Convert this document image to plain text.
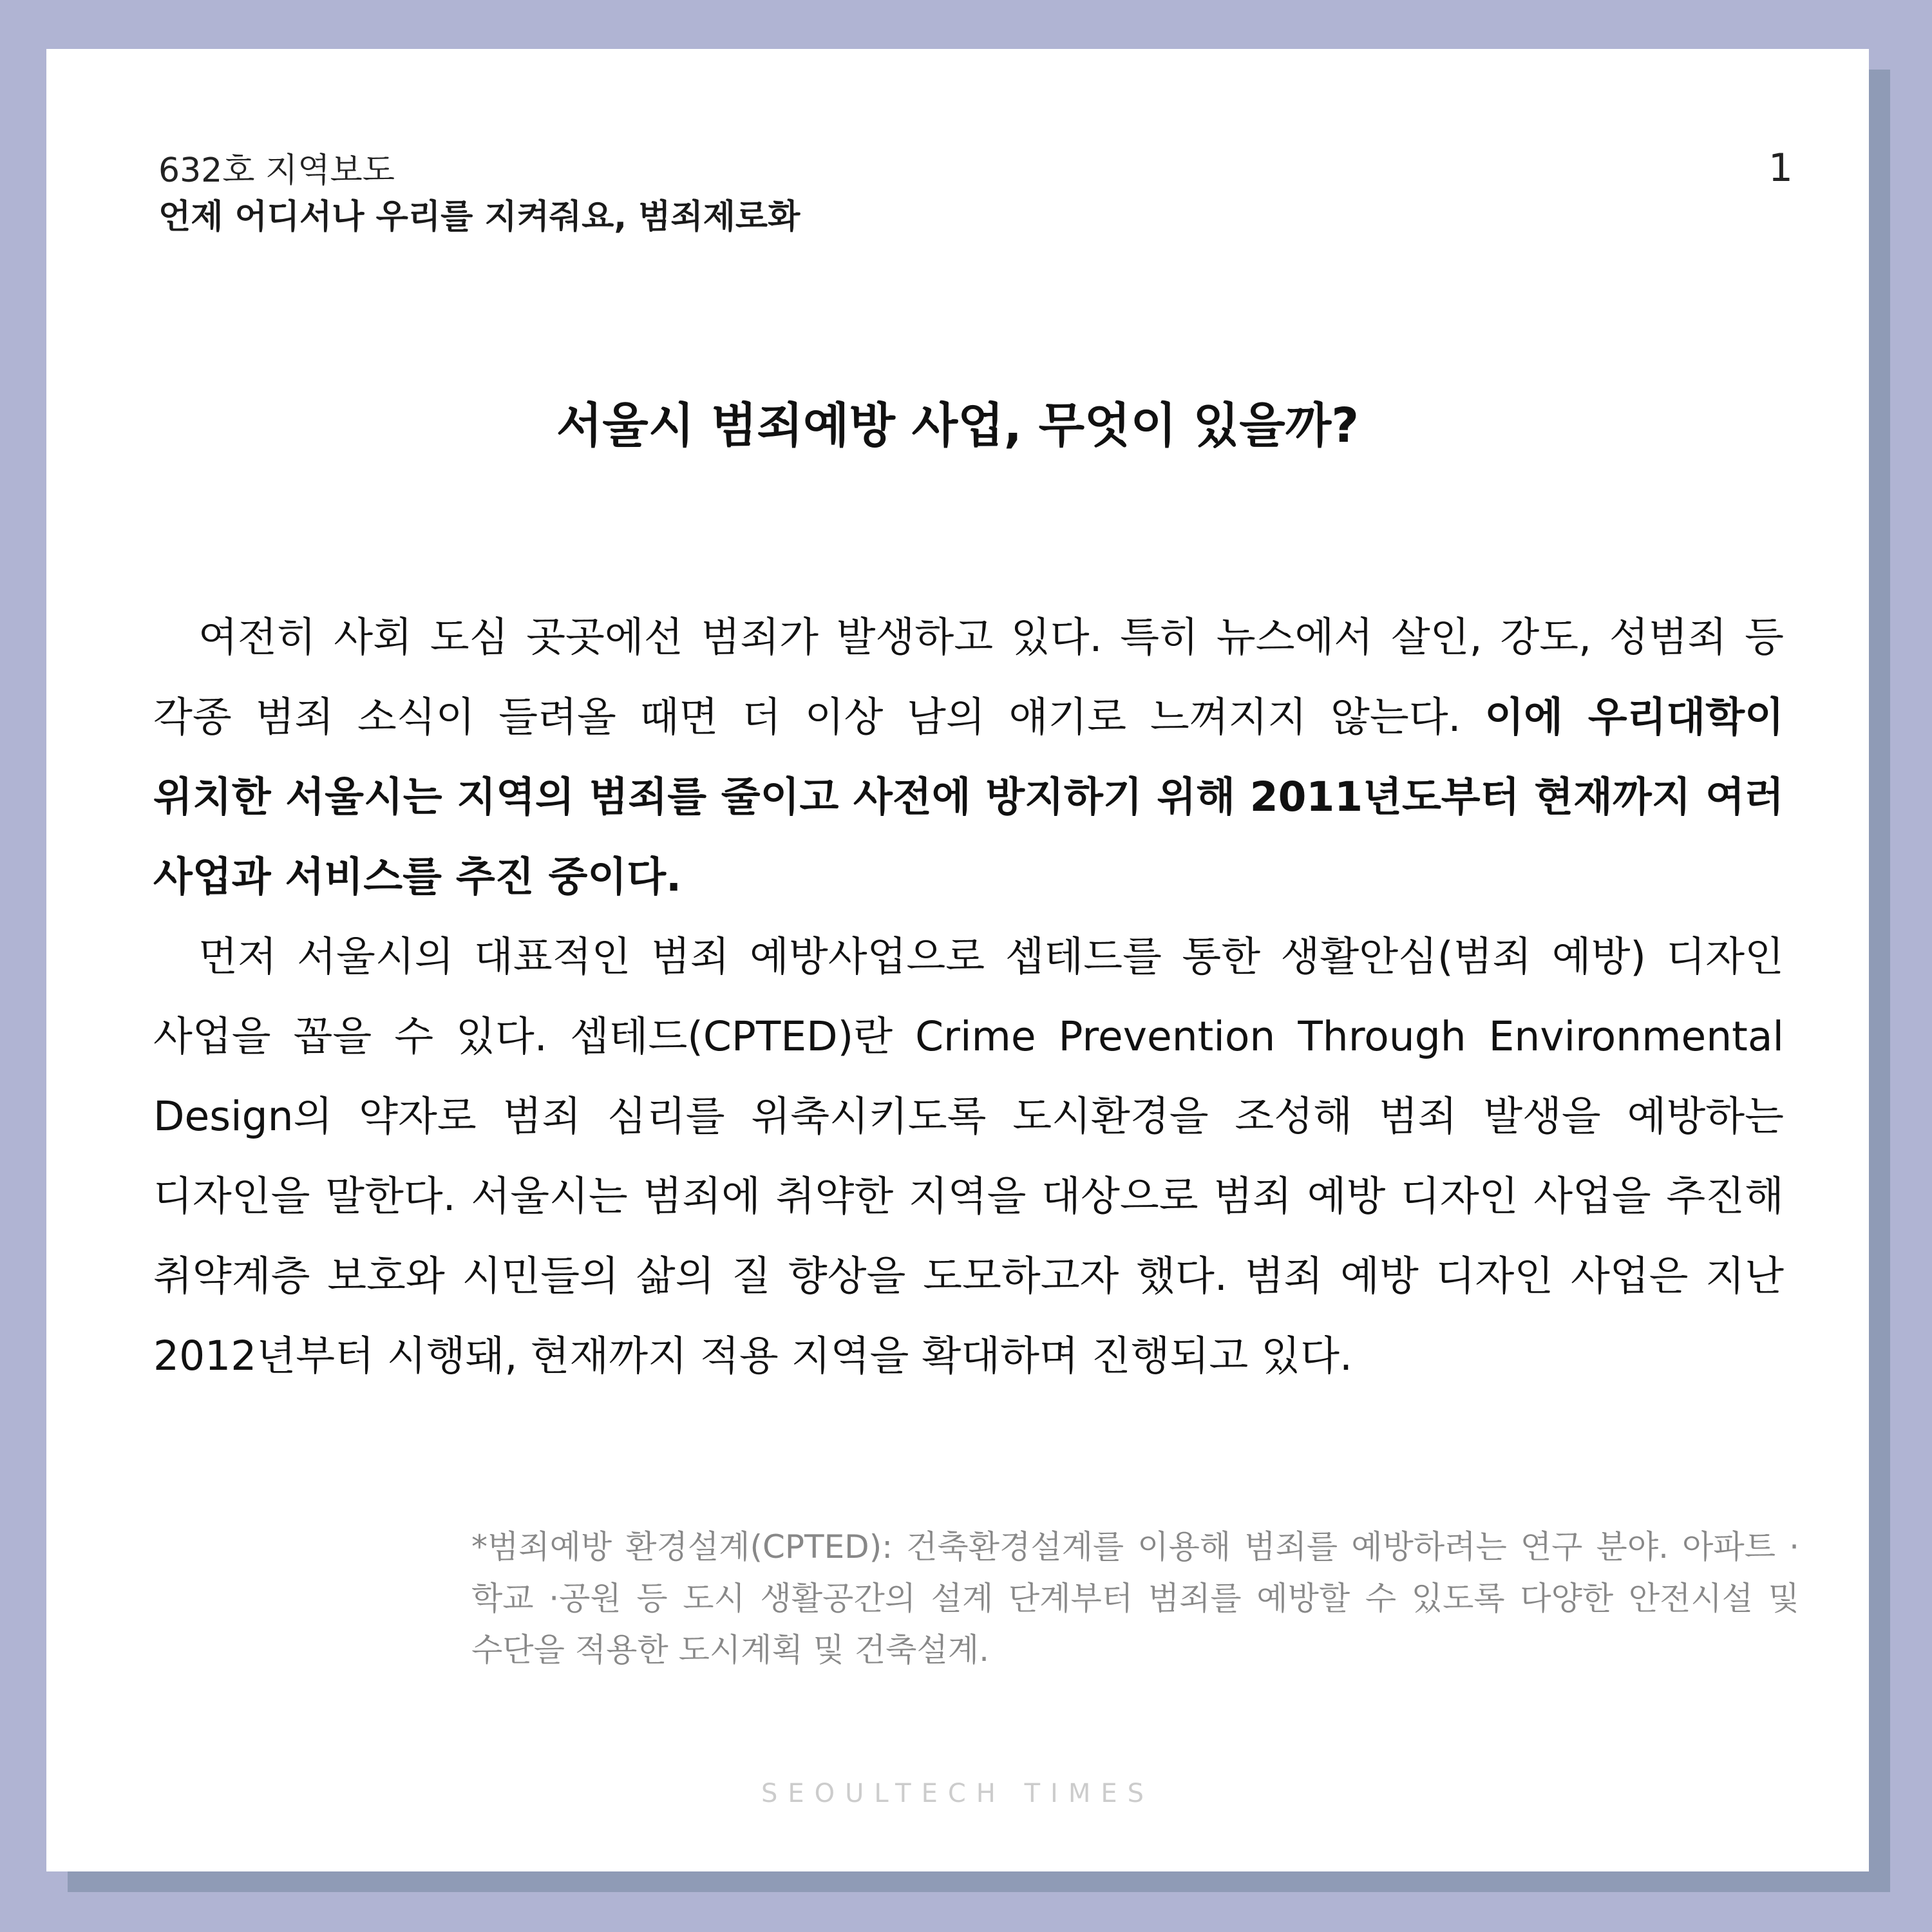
632호 지역보도
언제 어디서나 우리를 지켜줘요, 범죄제로화
1
서울시 범죄예방 사업, 무엇이 있을까?

여전히 사회 도심 곳곳에선 범죄가 발생하고 있다. 특히 뉴스에서 살인, 강도, 성범죄 등 각종 범죄 소식이 들려올 때면 더 이상 남의 얘기로 느껴지지 않는다. 이에 우리대학이 위치한 서울시는 지역의 범죄를 줄이고 사전에 방지하기 위해 2011년도부터 현재까지 여러 사업과 서비스를 추진 중이다.

먼저 서울시의 대표적인 범죄 예방사업으로 셉테드를 통한 생활안심(범죄 예방) 디자인 사업을 꼽을 수 있다. 셉테드(CPTED)란 Crime Prevention Through Environmental Design의 약자로 범죄 심리를 위축시키도록 도시환경을 조성해 범죄 발생을 예방하는 디자인을 말한다. 서울시는 범죄에 취약한 지역을 대상으로 범죄 예방 디자인 사업을 추진해 취약계층 보호와 시민들의 삶의 질 향상을 도모하고자 했다. 범죄 예방 디자인 사업은 지난 2012년부터 시행돼, 현재까지 적용 지역을 확대하며 진행되고 있다.

*범죄예방 환경설계(CPTED): 건축환경설계를 이용해 범죄를 예방하려는 연구 분야. 아파트 · 학교 ·공원 등 도시 생활공간의 설계 단계부터 범죄를 예방할 수 있도록 다양한 안전시설 및 수단을 적용한 도시계획 및 건축설계.
SEOULTECH TIMES
